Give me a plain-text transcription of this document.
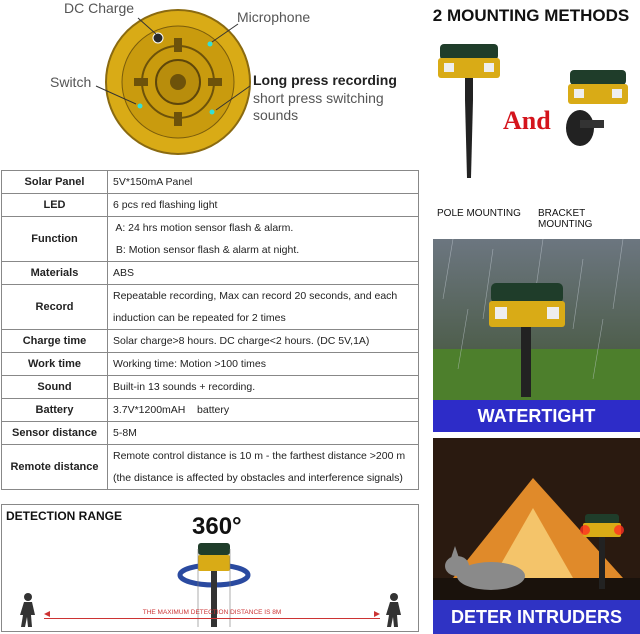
DC Charge
Microphone
Switch	Long press recording
short press switching sounds
Solar Panel	5V*150mA Panel

LED	6 pcs red flashing light

Function	A: 24 hrs motion sensor flash & alarm.
B: Motion sensor flash & alarm at night.

Materials	ABS

Record	Repeatable recording, Max can record 20 seconds, and each
induction can be repeated for 2 times

Charge time	Solar charge>8 hours. DC charge<2 hours. (DC 5V,1A)

Work time	Working time: Motion >100 times

Sound	Built-in 13 sounds + recording.

Battery	3.7V*1200mAH    battery

Sensor distance	5-8M

Remote distance	Remote control distance is 10 m - the farthest distance >200 m
(the distance is affected by obstacles and interference signals)
DETECTION RANGE	360°
THE MAXIMUM DETECTION DISTANCE IS 8M
2 MOUNTING METHODS
And
POLE MOUNTING BRACKET MOUNTING
WATERTIGHT
DETER INTRUDERS
